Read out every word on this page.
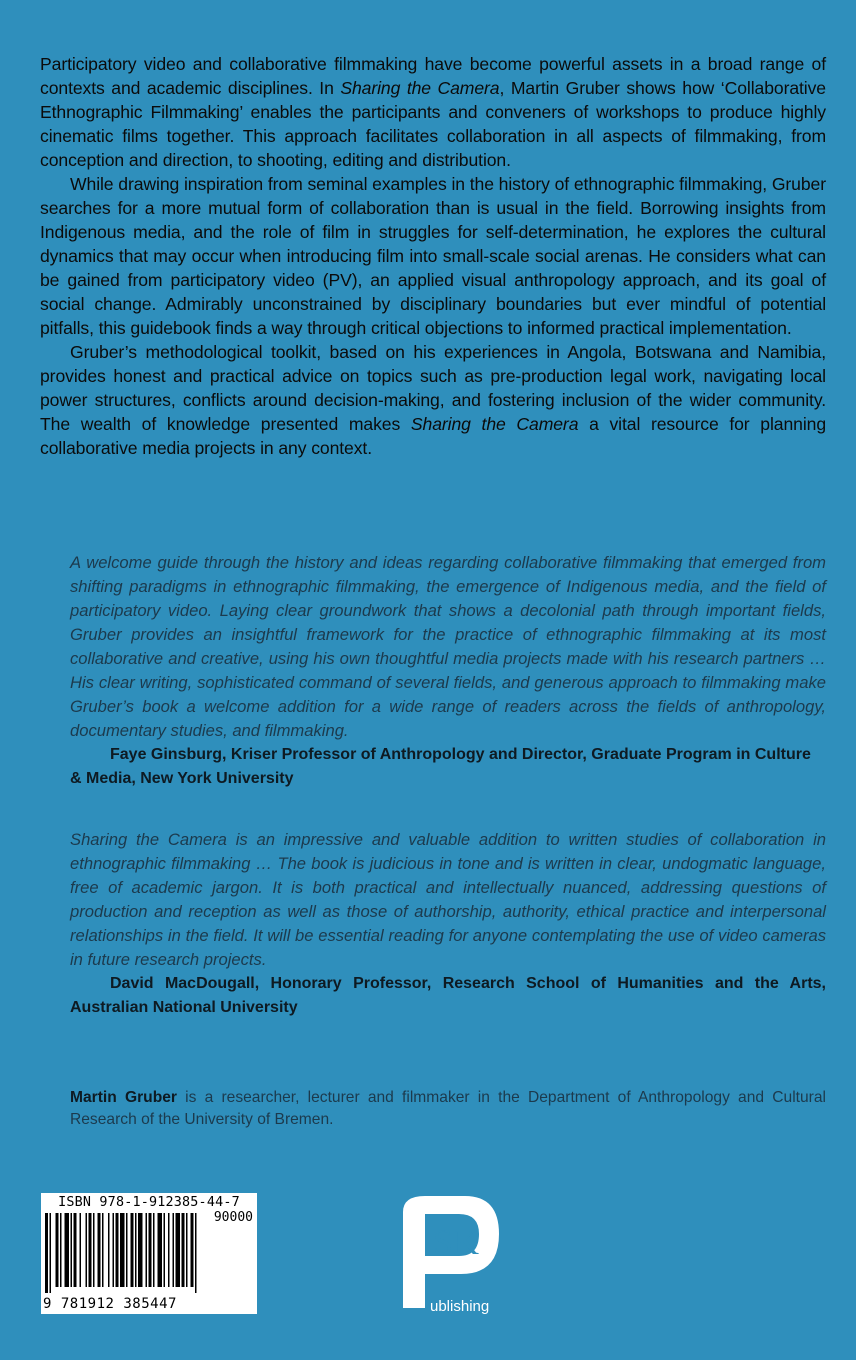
Participatory video and collaborative filmmaking have become powerful assets in a broad range of contexts and academic disciplines. In Sharing the Camera, Martin Gruber shows how ‘Collaborative Ethnographic Filmmaking’ enables the participants and conveners of workshops to produce highly cinematic films together. This approach facilitates collaboration in all aspects of filmmaking, from conception and direction, to shooting, editing and distribution.

While drawing inspiration from seminal examples in the history of ethnographic filmmaking, Gruber searches for a more mutual form of collaboration than is usual in the field. Borrowing insights from Indigenous media, and the role of film in struggles for self-determination, he explores the cultural dynamics that may occur when introducing film into small-scale social arenas. He considers what can be gained from participatory video (PV), an applied visual anthropology approach, and its goal of social change. Admirably unconstrained by disciplinary boundaries but ever mindful of potential pitfalls, this guidebook finds a way through critical objections to informed practical implementation.

Gruber’s methodological toolkit, based on his experiences in Angola, Botswana and Namibia, provides honest and practical advice on topics such as pre-production legal work, navigating local power structures, conflicts around decision-making, and fostering inclusion of the wider community. The wealth of knowledge presented makes Sharing the Camera a vital resource for planning collaborative media projects in any context.

A welcome guide through the history and ideas regarding collaborative filmmaking that emerged from shifting paradigms in ethnographic filmmaking, the emergence of Indigenous media, and the field of participatory video. Laying clear groundwork that shows a decolonial path through important fields, Gruber provides an insightful framework for the practice of ethnographic filmmaking at its most collaborative and creative, using his own thoughtful media projects made with his research partners … His clear writing, sophisticated command of several fields, and generous approach to filmmaking make Gruber’s book a welcome addition for a wide range of readers across the fields of anthropology, documentary studies, and filmmaking.

Faye Ginsburg, Kriser Professor of Anthropology and Director, Graduate Program in Culture & Media, New York University

Sharing the Camera is an impressive and valuable addition to written studies of collaboration in ethnographic filmmaking … The book is judicious in tone and is written in clear, undogmatic language, free of academic jargon. It is both practical and intellectually nuanced, addressing questions of production and reception as well as those of authorship, authority, ethical practice and interpersonal relationships in the field. It will be essential reading for anyone contemplating the use of video cameras in future research projects.

David MacDougall, Honorary Professor, Research School of Humanities and the Arts, Australian National University

Martin Gruber is a researcher, lecturer and filmmaker in the Department of Anthropology and Cultural Research of the University of Bremen.
ISBN 978-1-912385-44-7
90000
9 781912 385447
SK
ublishing
